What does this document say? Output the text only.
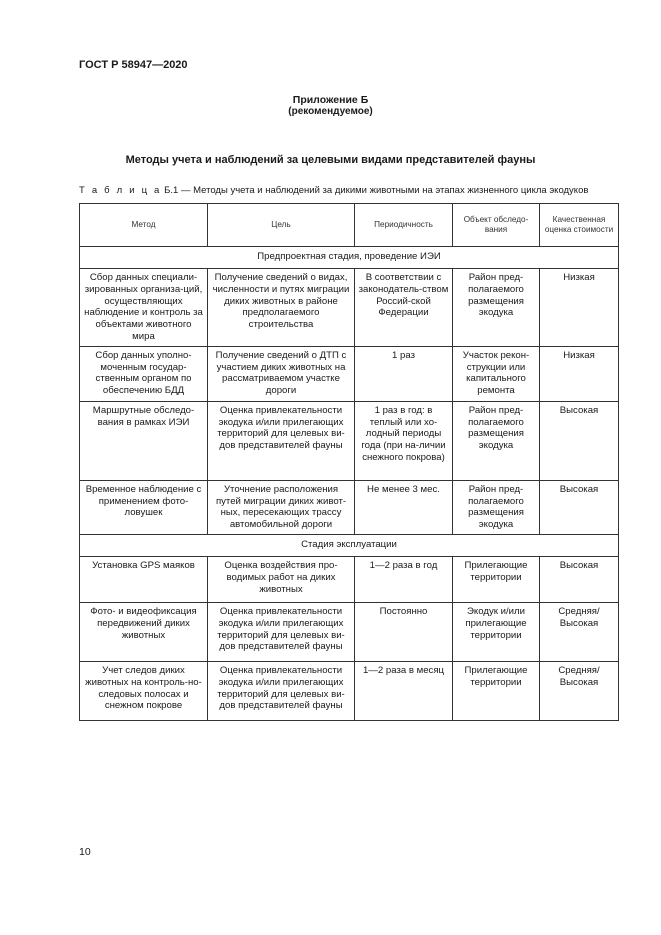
ГОСТ Р 58947—2020
Приложение Б
(рекомендуемое)
Методы учета и наблюдений за целевыми видами представителей фауны
Т а б л и ц а Б.1 — Методы учета и наблюдений за дикими животными на этапах жизненного цикла экодуков
Метод	Цель	Периодичность	Объект обследо-вания	Качественная оценка стоимости
Предпроектная стадия, проведение ИЭИ				
Сбор данных специали-зированных организа-ций, осуществляющих наблюдение и контроль за объектами животного мира	Получение сведений о видах, численности и путях миграции диких животных в районе предполагаемого строительства	В соответствии с законодатель-ством Россий-ской Федерации	Район пред-полагаемого размещения экодука	Низкая
Сбор данных уполно-моченным государ-ственным органом по обеспечению БДД	Получение сведений о ДТП с участием диких животных на рассматриваемом участке дороги	1 раз	Участок рекон-струкции или капитального ремонта	Низкая
Маршрутные обследо-вания в рамках ИЭИ	Оценка привлекательности экодука и/или прилегающих территорий для целевых ви-дов представителей фауны	1 раз в год: в теплый или хо-лодный периоды года (при на-личии снежного покрова)	Район пред-полагаемого размещения экодука	Высокая
Временное наблюдение с применением фото-ловушек	Уточнение расположения путей миграции диких живот-ных, пересекающих трассу автомобильной дороги	Не менее 3 мес.	Район пред-полагаемого размещения экодука	Высокая
Стадия эксплуатации				
Установка GPS маяков	Оценка воздействия про-водимых работ на диких животных	1—2 раза в год	Прилегающие территории	Высокая
Фото- и видеофиксация передвижений диких животных	Оценка привлекательности экодука и/или прилегающих территорий для целевых ви-дов представителей фауны	Постоянно	Экодук и/или прилегающие территории	Средняя/ Высокая
Учет следов диких животных на контроль-но-следовых полосах и снежном покрове	Оценка привлекательности экодука и/или прилегающих территорий для целевых ви-дов представителей фауны	1—2 раза в месяц	Прилегающие территории	Средняя/ Высокая
10
